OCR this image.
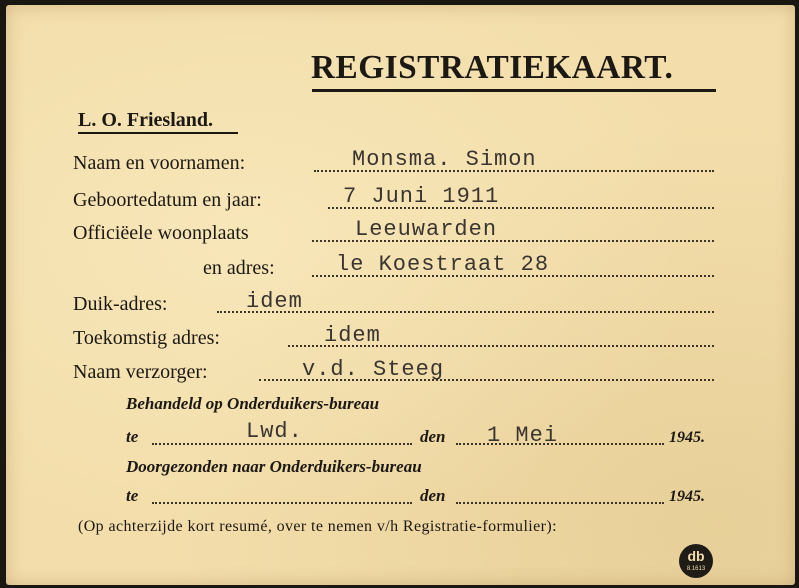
REGISTRATIEKAART.
L. O. Friesland.
Naam en voornamen:	Monsma. Simon
Geboortedatum en jaar:	7 Juni 1911
Officiëele woonplaats	Leeuwarden
en adres:	le Koestraat 28
Duik-adres:	idem
Toekomstig adres:	idem
Naam verzorger:	v.d. Steeg
Behandeld op Onderduikers-bureau
te	Lwd.	den 1 Mei	1945.
Doorgezonden naar Onderduikers-bureau
te	den	1945.
(Op achterzijde kort resumé, over te nemen v/h Registratie-formulier):
db
8.1613
